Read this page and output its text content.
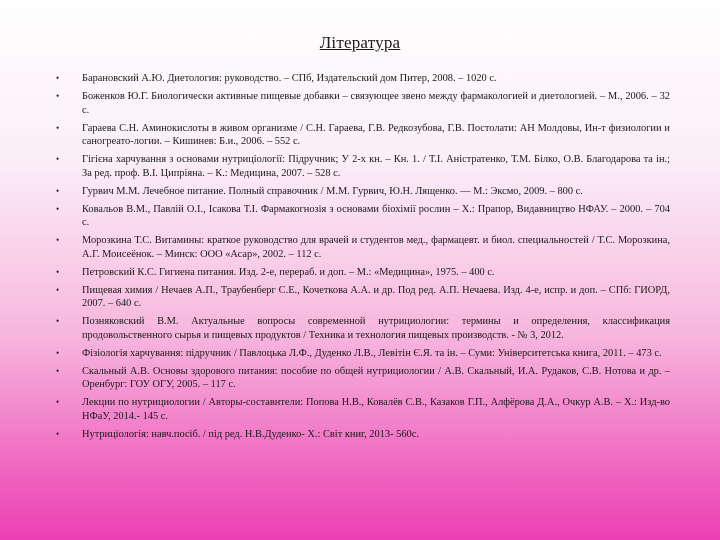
Література
• Барановский А.Ю. Диетология: руководство. – СПб, Издательский дом Питер, 2008. – 1020 с.
• Боженков Ю.Г. Биологически активные пищевые добавки – связующее звено между фармакологией и диетологией. – М., 2006. – 32 с.
• Гараева С.Н. Аминокислоты в живом организме / С.Н. Гараева, Г.В. Редкозубова, Г.В. Постолати: АН Молдовы, Ин-т физиологии и саногреато-логии. – Кишинев: Б.и., 2006. – 552 с.
• Гігієна харчування з основами нутриціології: Підручник; У 2-х кн. – Кн. 1. / Т.І. Аністратенко, Т.М. Білко, О.В. Благодарова та ін.; За ред. проф. В.І. Ципріяна. – К.: Медицина, 2007. – 528 с.
• Гурвич М.М. Лечебное питание. Полный справочник / М.М. Гурвич, Ю.Н. Лященко. — М.: Эксмо, 2009. – 800 с.
• Ковальов В.М., Павлій О.І., Ісакова Т.І. Фармакогнозія з основами біохімії рослин – Х.: Прапор, Видавництво НФАУ. – 2000. – 704 с.
• Морозкина Т.С. Витамины: краткое руководство для врачей и студентов мед., фармацевт. и биол. специальностей / Т.С. Морозкина, А.Г. Моисеёнок. – Минск: ООО «Асар», 2002. – 112 с.
• Петровский К.С. Гигиена питания. Изд. 2-е, перераб. и доп. – М.: «Медицина», 1975. – 400 с.
• Пищевая химия / Нечаев А.П., Траубенберг С.Е., Кочеткова А.А. и др. Под ред. А.П. Нечаева. Изд. 4-е, испр. и доп. – СПб: ГИОРД, 2007. – 640 с.
• Позняковский В.М. Актуальные вопросы современной нутрициологии: термины и определения, классификация продовольственного сырья и пищевых продуктов / Техника и технология пищевых производств. - № 3, 2012.
• Фізіологія харчування: підручник / Павлоцька Л.Ф., Дуденко Л.В., Левітін Є.Я. та ін. – Суми: Університетська книга, 2011. – 473 с.
• Скальный А.В. Основы здорового питания: пособие по общей нутрициологии / А.В. Скальный, И.А. Рудаков, С.В. Нотова и др. – Оренбург: ГОУ ОГУ, 2005. – 117 с.
• Лекции по нутрициологии / Авторы-составители: Попова Н.В., Ковалёв С.В., Казаков Г.П., Алфёрова Д.А., Очкур А.В. – Х.: Изд-во НФаУ, 2014.- 145 с.
• Нутриціологія: навч.посіб. / під ред. Н.В.Дуденко- Х.: Світ книг, 2013- 560с.
